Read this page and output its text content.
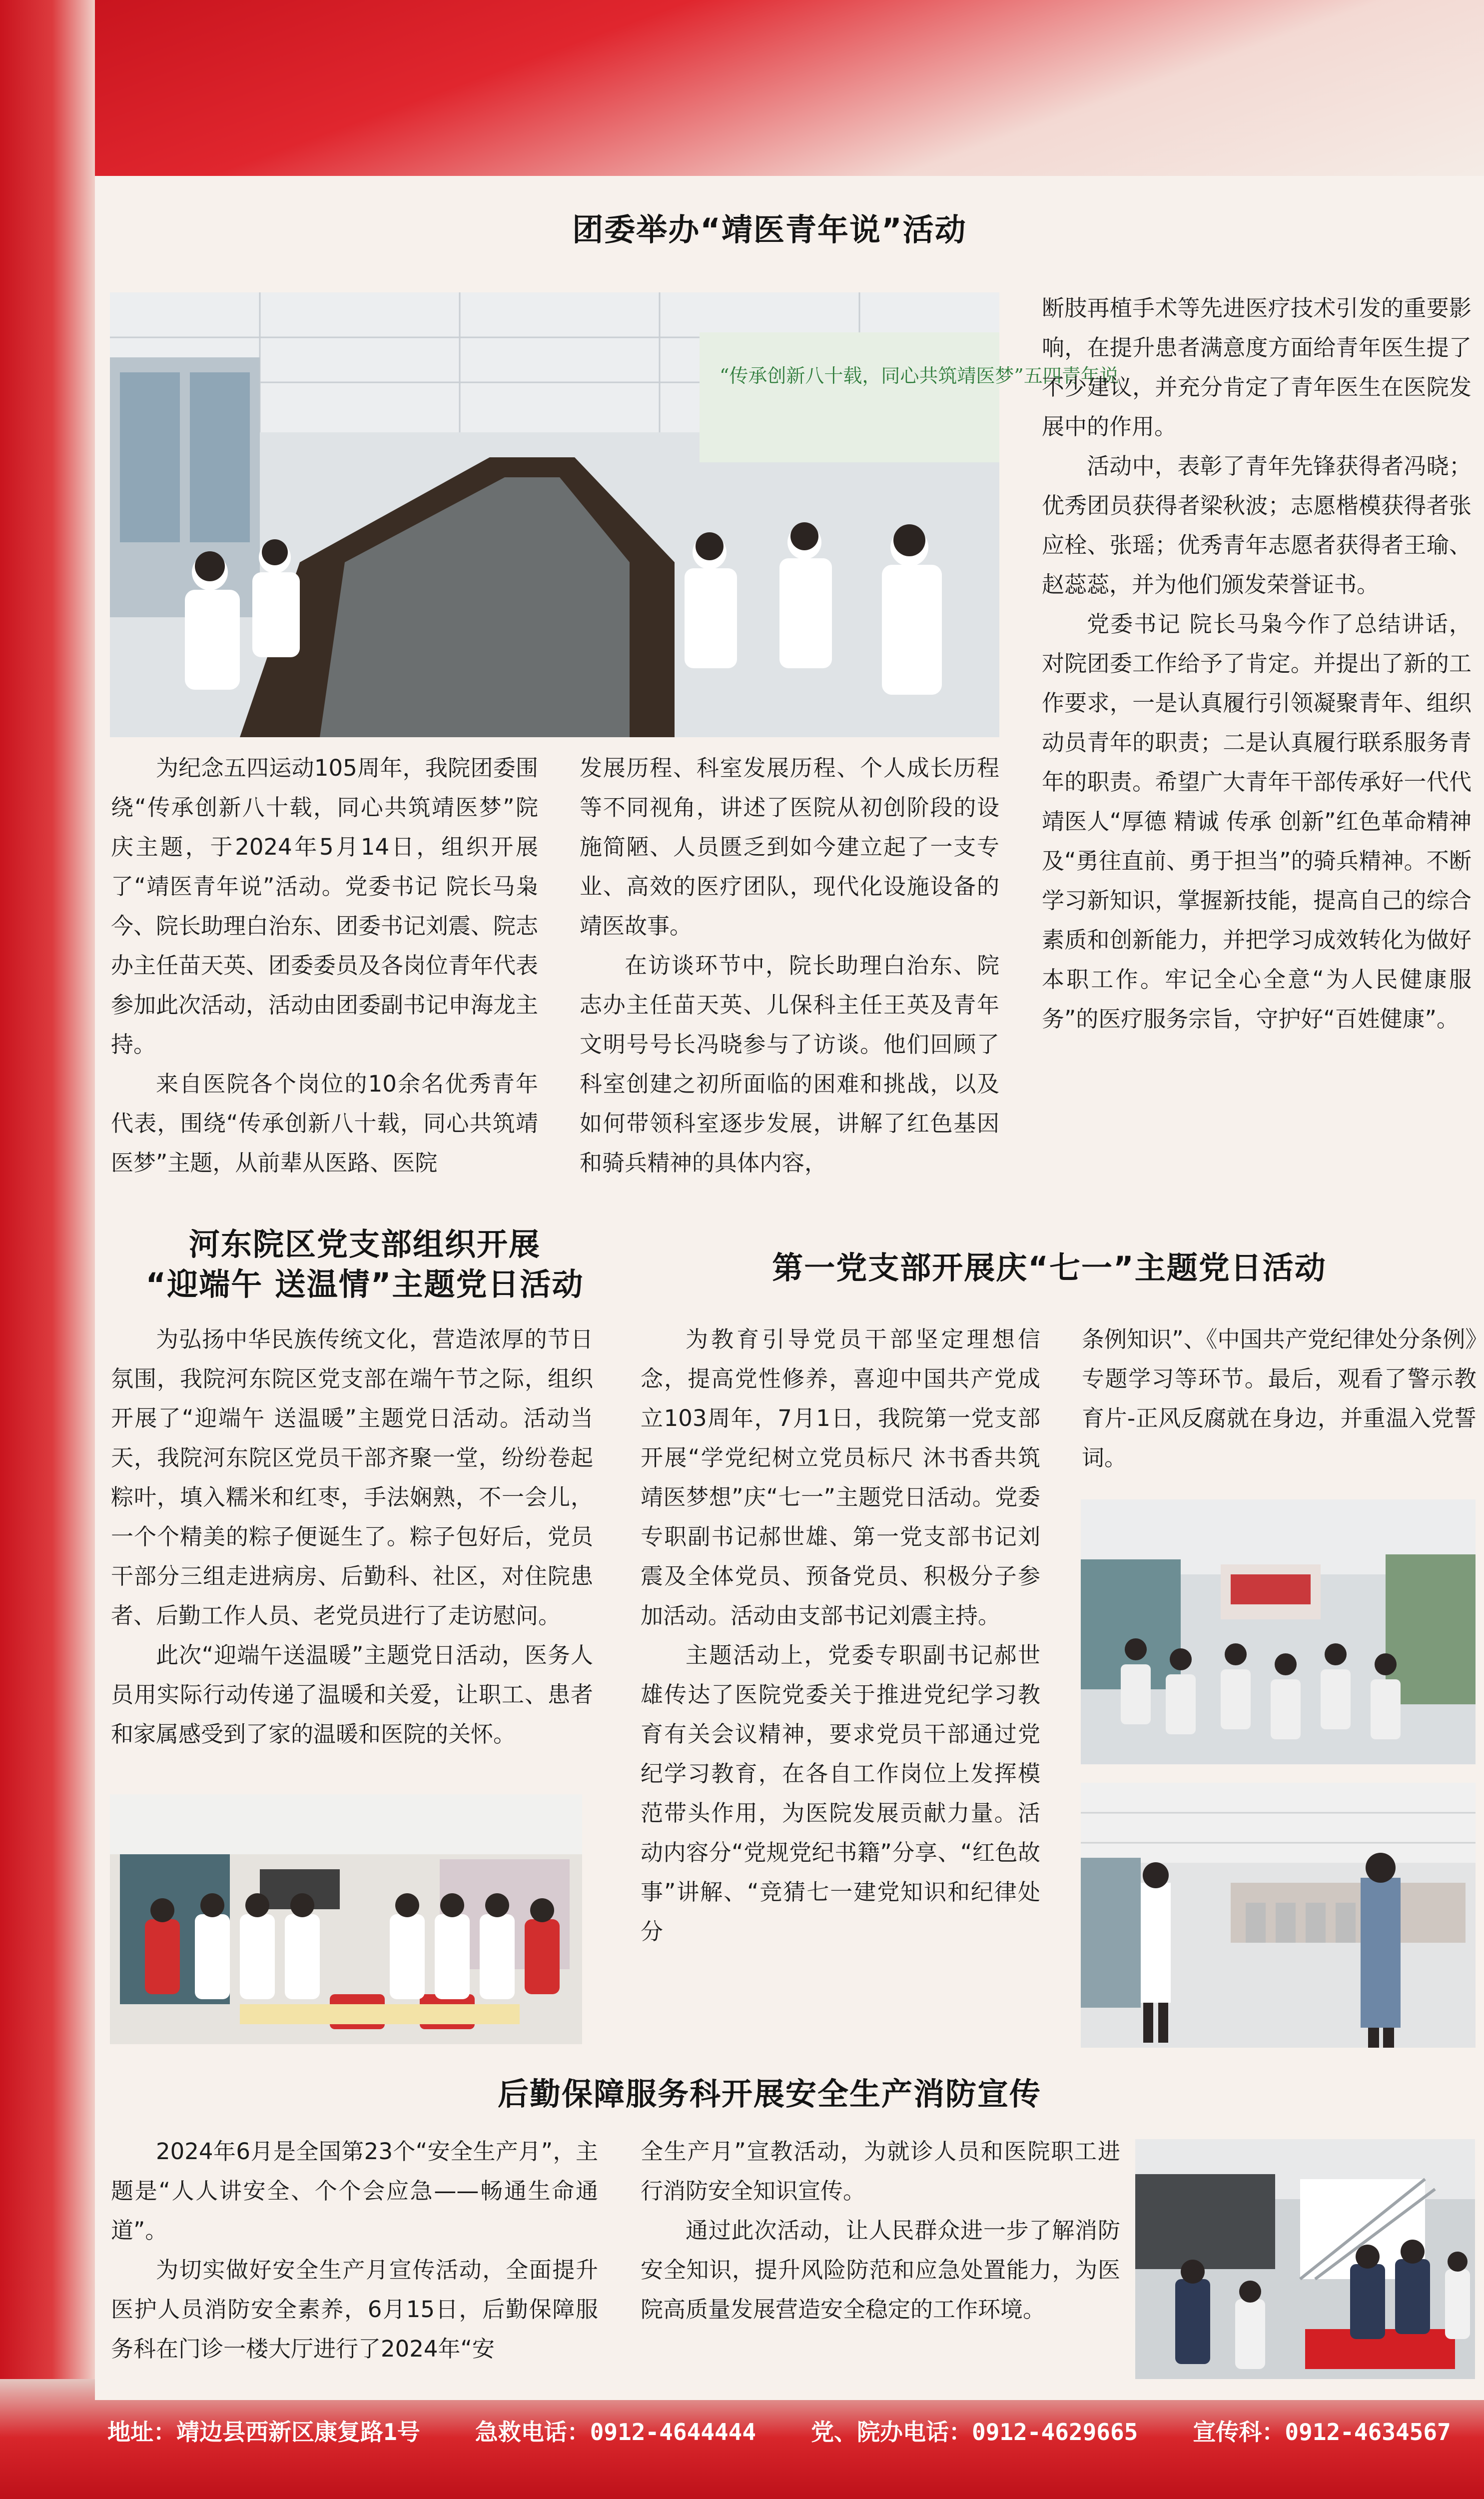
团委举办“靖医青年说”活动
“传承创新八十载，同心共筑靖医梦”五四青年说

为纪念五四运动105周年，我院团委围绕“传承创新八十载，同心共筑靖医梦”院庆主题，于2024年5月14日，组织开展了“靖医青年说”活动。党委书记 院长马枭今、院长助理白治东、团委书记刘震、院志办主任苗天英、团委委员及各岗位青年代表参加此次活动，活动由团委副书记申海龙主持。

来自医院各个岗位的10余名优秀青年代表，围绕“传承创新八十载，同心共筑靖医梦”主题，从前辈从医路、医院

发展历程、科室发展历程、个人成长历程等不同视角，讲述了医院从初创阶段的设施简陋、人员匮乏到如今建立起了一支专业、高效的医疗团队，现代化设施设备的靖医故事。

在访谈环节中，院长助理白治东、院志办主任苗天英、儿保科主任王英及青年文明号号长冯晓参与了访谈。他们回顾了科室创建之初所面临的困难和挑战，以及如何带领科室逐步发展，讲解了红色基因和骑兵精神的具体内容，

断肢再植手术等先进医疗技术引发的重要影响，在提升患者满意度方面给青年医生提了不少建议，并充分肯定了青年医生在医院发展中的作用。

活动中，表彰了青年先锋获得者冯晓；优秀团员获得者梁秋波；志愿楷模获得者张应栓、张瑶；优秀青年志愿者获得者王瑜、赵蕊蕊，并为他们颁发荣誉证书。

党委书记 院长马枭今作了总结讲话，对院团委工作给予了肯定。并提出了新的工作要求，一是认真履行引领凝聚青年、组织动员青年的职责；二是认真履行联系服务青年的职责。希望广大青年干部传承好一代代靖医人“厚德 精诚 传承 创新”红色革命精神及“勇往直前、勇于担当”的骑兵精神。不断学习新知识，掌握新技能，提高自己的综合素质和创新能力，并把学习成效转化为做好本职工作。牢记全心全意“为人民健康服务”的医疗服务宗旨，守护好“百姓健康”。

河东院区党支部组织开展
“迎端午 送温情”主题党日活动

为弘扬中华民族传统文化，营造浓厚的节日氛围，我院河东院区党支部在端午节之际，组织开展了“迎端午 送温暖”主题党日活动。活动当天，我院河东院区党员干部齐聚一堂，纷纷卷起粽叶，填入糯米和红枣，手法娴熟，不一会儿，一个个精美的粽子便诞生了。粽子包好后，党员干部分三组走进病房、后勤科、社区，对住院患者、后勤工作人员、老党员进行了走访慰问。

此次“迎端午送温暖”主题党日活动，医务人员用实际行动传递了温暖和关爱，让职工、患者和家属感受到了家的温暖和医院的关怀。

第一党支部开展庆“七一”主题党日活动

为教育引导党员干部坚定理想信念，提高党性修养，喜迎中国共产党成立103周年，7月1日，我院第一党支部开展“学党纪树立党员标尺 沐书香共筑靖医梦想”庆“七一”主题党日活动。党委专职副书记郝世雄、第一党支部书记刘震及全体党员、预备党员、积极分子参加活动。活动由支部书记刘震主持。

主题活动上，党委专职副书记郝世雄传达了医院党委关于推进党纪学习教育有关会议精神，要求党员干部通过党纪学习教育，在各自工作岗位上发挥模范带头作用，为医院发展贡献力量。活动内容分“党规党纪书籍”分享、“红色故事”讲解、“竞猜七一建党知识和纪律处分

条例知识”、《中国共产党纪律处分条例》专题学习等环节。最后，观看了警示教育片-正风反腐就在身边，并重温入党誓词。

后勤保障服务科开展安全生产消防宣传

2024年6月是全国第23个“安全生产月”，主题是“人人讲安全、个个会应急——畅通生命通道”。

为切实做好安全生产月宣传活动，全面提升医护人员消防安全素养，6月15日，后勤保障服务科在门诊一楼大厅进行了2024年“安

全生产月”宣教活动，为就诊人员和医院职工进行消防安全知识宣传。

通过此次活动，让人民群众进一步了解消防安全知识，提升风险防范和应急处置能力，为医院高质量发展营造安全稳定的工作环境。

地址：靖边县西新区康复路1号 急救电话：0912-4644444 党、院办电话：0912-4629665 宣传科：0912-4634567
